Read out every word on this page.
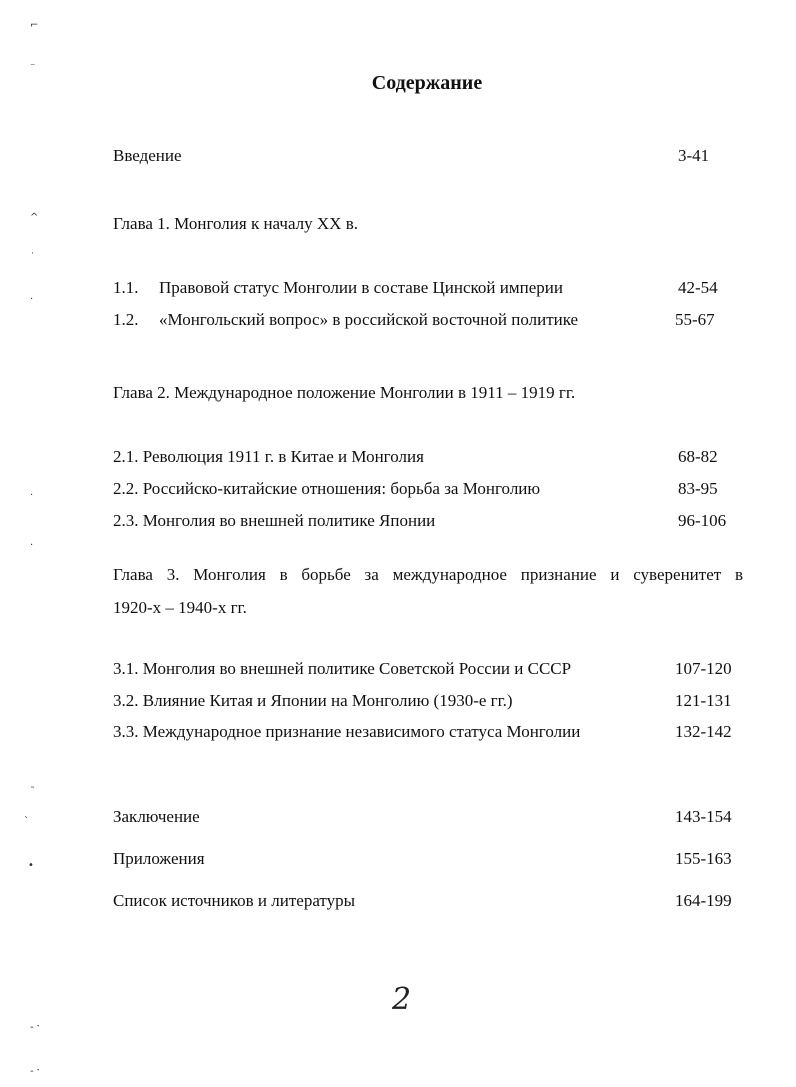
⌐
⁻
^
˙
·
·
·
˜
ˋ
•
- ˑ
- ˑ
Содержание
Введение	3-41
Глава 1. Монголия к началу XX в.
1.1. Правовой статус Монголии в составе Цинской империи	42-54
1.2. «Монгольский вопрос» в российской восточной политике	55-67
Глава 2. Международное положение Монголии в 1911 – 1919 гг.
2.1. Революция 1911 г. в Китае и Монголия	68-82
2.2. Российско-китайские отношения: борьба за Монголию	83-95
2.3. Монголия во внешней политике Японии	96-106
Глава 3. Монголия в борьбе за международное признание и суверенитет в
1920-х – 1940-х гг.
3.1. Монголия во внешней политике Советской России и СССР	107-120
3.2. Влияние Китая и Японии на Монголию (1930-е гг.)	121-131
3.3. Международное признание независимого статуса Монголии	132-142
Заключение	143-154
Приложения	155-163
Список источников и литературы	164-199
2
